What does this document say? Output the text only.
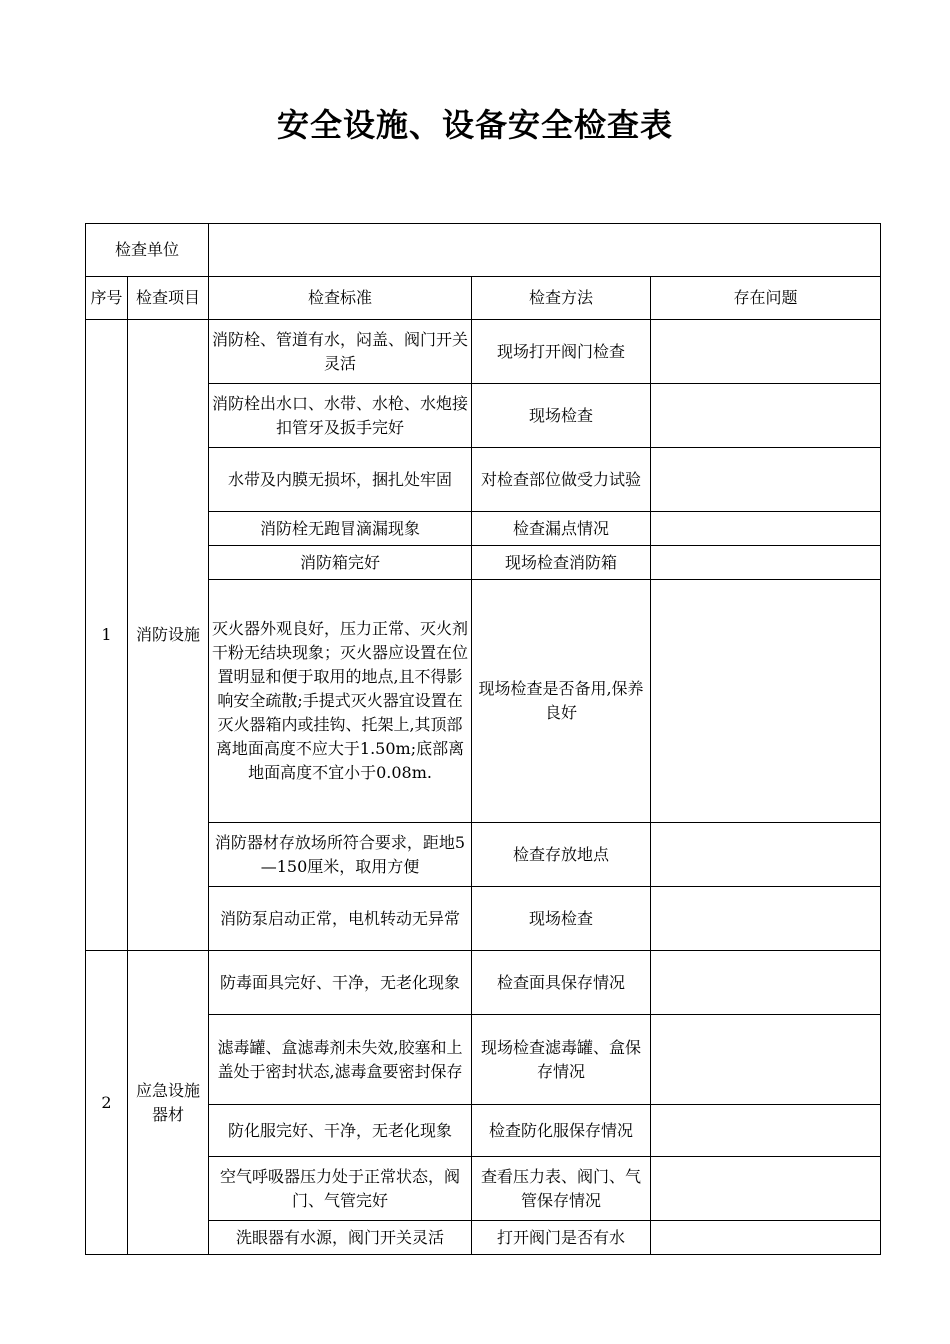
安全设施、设备安全检查表
检查单位				
序号	检查项目	检查标准	检查方法	存在问题
1	消防设施	消防栓、管道有水，闷盖、阀门开关灵活	现场打开阀门检查	
		消防栓出水口、水带、水枪、水炮接扣管牙及扳手完好	现场检查	
		水带及内膜无损坏，捆扎处牢固	对检查部位做受力试验	
		消防栓无跑冒滴漏现象	检查漏点情况	
		消防箱完好	现场检查消防箱	
		灭火器外观良好，压力正常、灭火剂干粉无结块现象；灭火器应设置在位置明显和便于取用的地点,且不得影响安全疏散;手提式灭火器宜设置在灭火器箱内或挂钩、托架上,其顶部离地面高度不应大于1.50m;底部离地面高度不宜小于0.08m.	现场检查是否备用,保养良好	
		消防器材存放场所符合要求，距地5—150厘米，取用方便	检查存放地点	
		消防泵启动正常，电机转动无异常	现场检查	
2	应急设施器材	防毒面具完好、干净，无老化现象	检查面具保存情况	
		滤毒罐、盒滤毒剂未失效,胶塞和上盖处于密封状态,滤毒盒要密封保存	现场检查滤毒罐、盒保存情况	
		防化服完好、干净，无老化现象	检查防化服保存情况	
		空气呼吸器压力处于正常状态，阀门、气管完好	查看压力表、阀门、气管保存情况	
		洗眼器有水源，阀门开关灵活	打开阀门是否有水	
